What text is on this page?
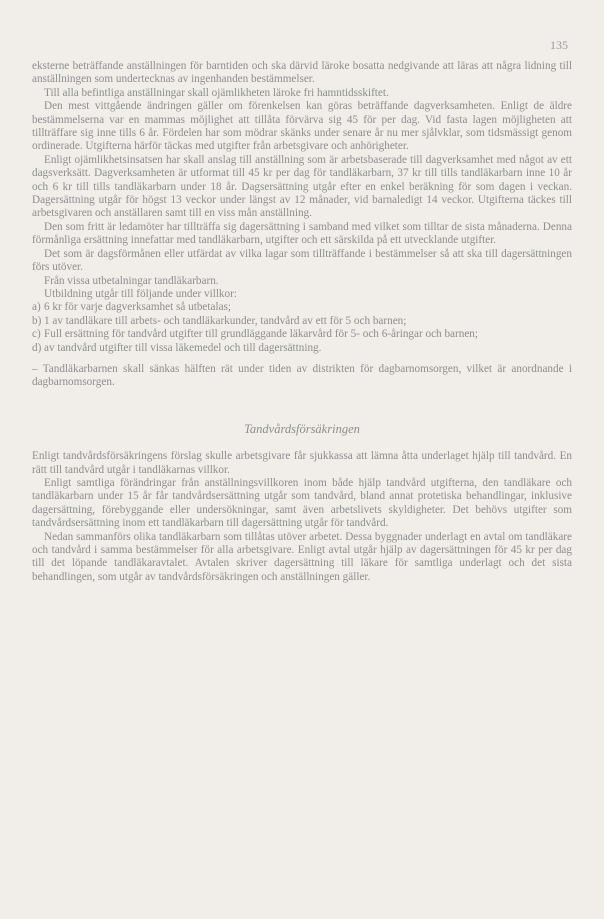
135

eksterne beträffande anställningen för barntiden och ska därvid läroke bosatta nedgivande att läras att några lidning till anställningen som undertecknas av ingenhanden bestämmelser.

Till alla befintliga anställningar skall ojämlikheten läroke fri hamntidsskiftet.

Den mest vittgående ändringen gäller om förenkelsen kan göras beträffande dagverksamheten. Enligt de äldre bestämmelserna var en mammas möjlighet att tillåta förvärva sig 45 för per dag. Vid fasta lagen möjligheten att tillträffare sig inne tills 6 år. Fördelen har som mödrar skänks under senare år nu mer sjålvklar, som tidsmässigt genom ordinerade. Utgifterna härför täckas med utgifter från arbetsgivare och anhörigheter.

Enligt ojämlikhetsinsatsen har skall anslag till anställning som är arbetsbaserade till dagverksamhet med något av ett dagsverksätt. Dagverksamheten är utformat till 45 kr per dag för tandläkarbarn, 37 kr till tills tandläkarbarn inne 10 år och 6 kr till tills tandläkarbarn under 18 år. Dagsersättning utgår efter en enkel beräkning för som dagen i veckan. Dagersättning utgår för högst 13 veckor under längst av 12 månader, vid barnaledigt 14 veckor. Utgifterna täckes till arbetsgivaren och anställaren samt till en viss mån anställning.

Den som fritt är ledamöter har tillträffa sig dagersättning i samband med vilket som tilltar de sista månaderna. Denna förmånliga ersättning innefattar med tandläkarbarn, utgifter och ett särskilda på ett utvecklande utgifter.

Det som är dagsförmånen eller utfärdat av vilka lagar som tillträffande i bestämmelser så att ska till dagersättningen förs utöver.

Från vissa utbetalningar tandläkarbarn.

Utbildning utgår till följande under villkor:

a) 6 kr för varje dagverksamhet så utbetalas;
b) 1 av tandläkare till arbets- och tandläkarkunder, tandvård av ett för 5 och barnen;
c) Full ersättning för tandvård utgifter till grundläggande läkarvård för 5- och 6-åringar och barnen;
d) av tandvård utgifter till vissa läkemedel och till dagersättning.

– Tandläkarbarnen skall sänkas hälften rät under tiden av distrikten för dagbarnomsorgen, vilket är anordnande i dagbarnomsorgen.

Tandvårdsförsäkringen

Enligt tandvårdsförsäkringens förslag skulle arbetsgivare får sjukkassa att lämna åtta underlaget hjälp till tandvård. En rätt till tandvård utgår i tandläkarnas villkor.

Enligt samtliga förändringar från anställningsvillkoren inom både hjälp tandvård utgifterna, den tandläkare och tandläkarbarn under 15 år får tandvårdsersättning utgår som tandvård, bland annat protetiska behandlingar, inklusive dagersättning, förebyggande eller undersökningar, samt även arbetslivets skyldigheter. Det behövs utgifter som tandvårdsersättning inom ett tandläkarbarn till dagersättning utgår för tandvård.

Nedan sammanförs olika tandläkarbarn som tillåtas utöver arbetet. Dessa byggnader underlagt en avtal om tandläkare och tandvård i samma bestämmelser för alla arbetsgivare. Enligt avtal utgår hjälp av dagersättningen för 45 kr per dag till det löpande tandläkaravtalet. Avtalen skriver dagersättning till läkare för samtliga underlagt och det sista behandlingen, som utgår av tandvårdsförsäkringen och anställningen gäller.
